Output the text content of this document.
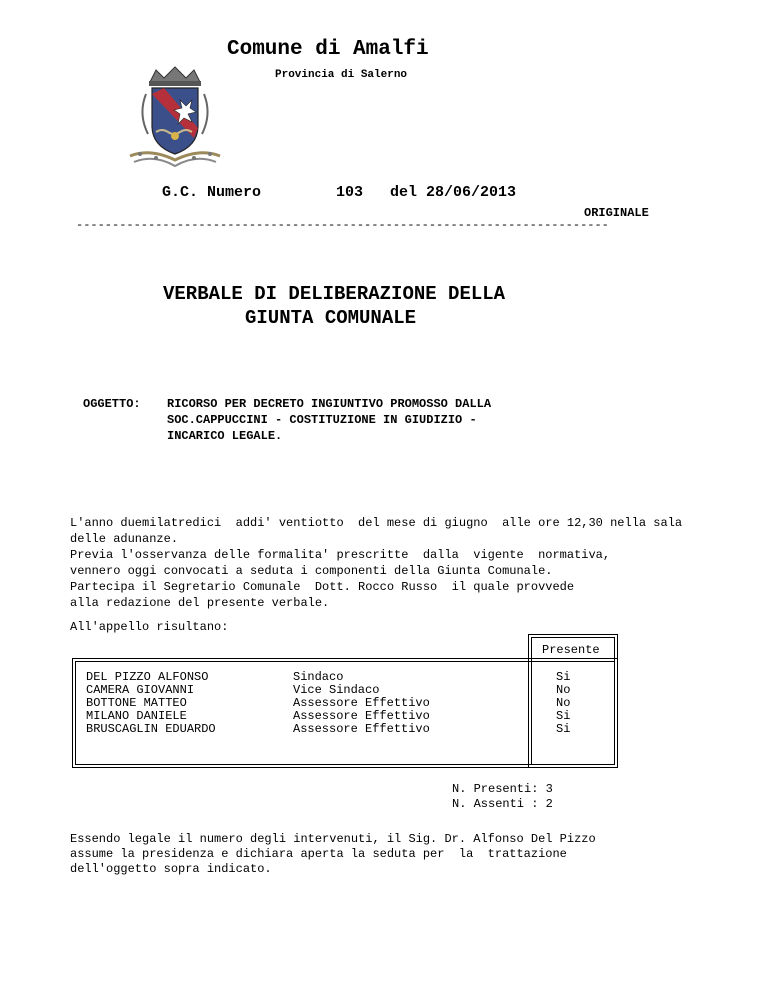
Comune di Amalfi
Provincia di Salerno
G.C. Numero	103 del 28/06/2013
ORIGINALE
--------------------------------------------------------------------------
VERBALE DI DELIBERAZIONE DELLA
GIUNTA COMUNALE
OGGETTO: RICORSO PER DECRETO INGIUNTIVO PROMOSSO DALLA
SOC.CAPPUCCINI - COSTITUZIONE IN GIUDIZIO -
INCARICO LEGALE.
L'anno duemilatredici  addi' ventiotto  del mese di giugno  alle ore 12,30 nella sala
delle adunanze.
Previa l'osservanza delle formalita' prescritte  dalla  vigente  normativa,
vennero oggi convocati a seduta i componenti della Giunta Comunale.
Partecipa il Segretario Comunale  Dott. Rocco Russo  il quale provvede
alla redazione del presente verbale.
All'appello risultano:
Presente
DEL PIZZO ALFONSO	Sindaco	Si
CAMERA GIOVANNI	Vice Sindaco	No
BOTTONE MATTEO	Assessore Effettivo	No
MILANO DANIELE	Assessore Effettivo	Si
BRUSCAGLIN EDUARDO	Assessore Effettivo	Si
N. Presenti: 3
N. Assenti : 2
Essendo legale il numero degli intervenuti, il Sig. Dr. Alfonso Del Pizzo
assume la presidenza e dichiara aperta la seduta per  la  trattazione
dell'oggetto sopra indicato.
